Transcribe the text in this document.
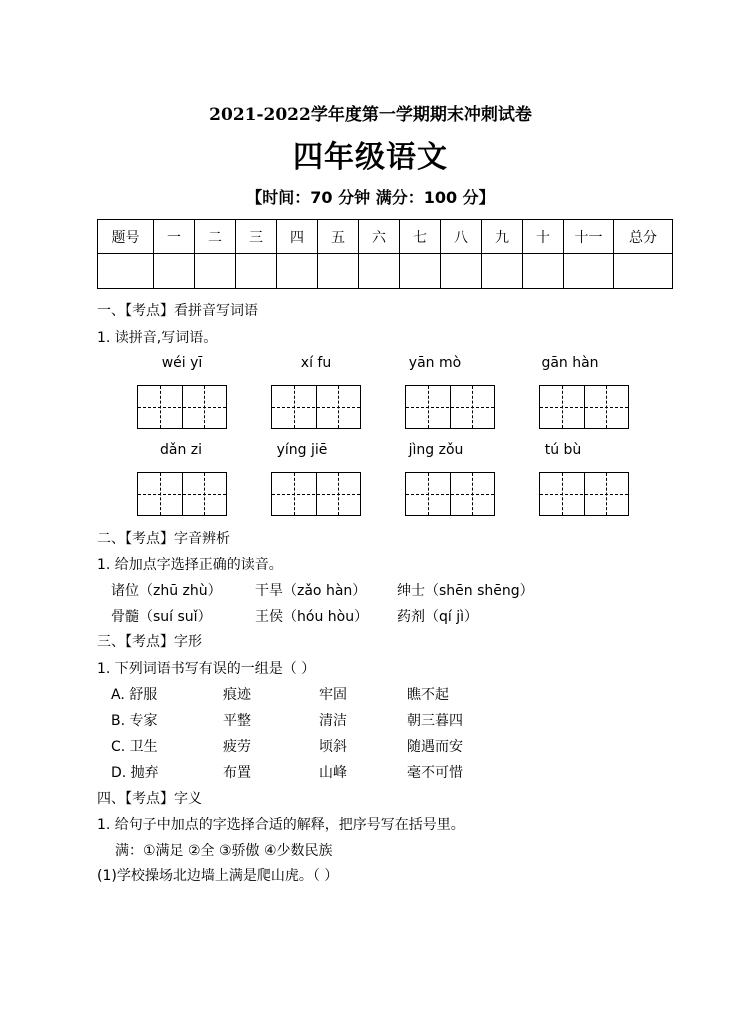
2021-2022学年度第一学期期末冲刺试卷
四年级语文
【时间：70 分钟 满分：100 分】
题号	一	二	三	四	五	六	七	八	九	十	十一	总分

一、【考点】看拼音写词语
1. 读拼音,写词语。
wéi yī	xí fu	yān mò	gān hàn
dǎn zi	yíng jiē	jìng zǒu	tú bù
二、【考点】字音辨析
1. 给加点字选择正确的读音。
诸位（zhū zhù） 干旱（zǎo hàn） 绅士（shēn shēng）
骨髓（suí suǐ）	王侯（hóu hòu） 药剂（qí jì）
三、【考点】字形
1. 下列词语书写有误的一组是（ ）
A. 舒服	痕迹	牢固	瞧不起
B. 专家	平整	清洁	朝三暮四
C. 卫生	疲劳	顷斜	随遇而安
D. 抛弃	布置	山峰	毫不可惜
四、【考点】字义
1. 给句子中加点的字选择合适的解释，把序号写在括号里。
满：①满足 ②全 ③骄傲 ④少数民族
(1)学校操场北边墙上满是爬山虎。（ ）
